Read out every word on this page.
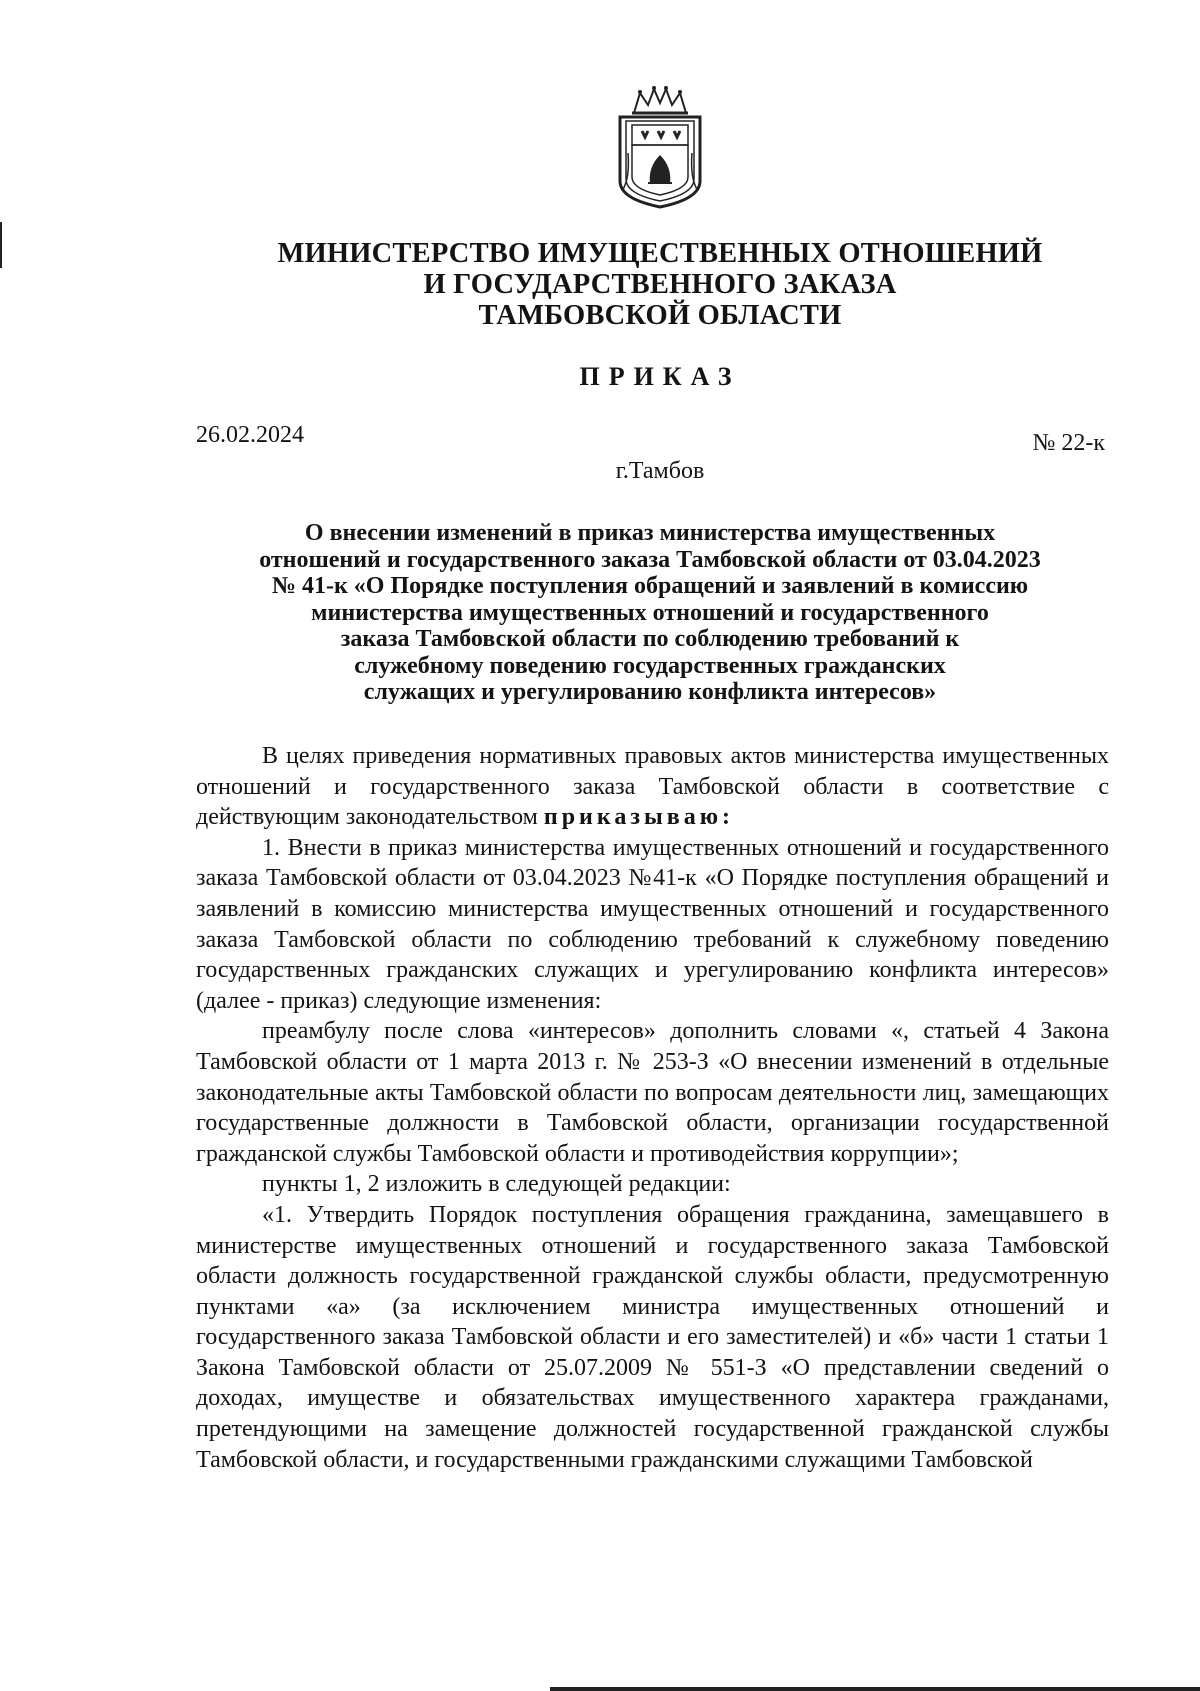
МИНИСТЕРСТВО ИМУЩЕСТВЕННЫХ ОТНОШЕНИЙ
И ГОСУДАРСТВЕННОГО ЗАКАЗА
ТАМБОВСКОЙ ОБЛАСТИ
ПРИКАЗ
26.02.2024	№ 22-к
г.Тамбов
О внесении изменений в приказ министерства имущественных
отношений и государственного заказа Тамбовской области от 03.04.2023
№ 41-к «О Порядке поступления обращений и заявлений в комиссию
министерства имущественных отношений и государственного
заказа Тамбовской области по соблюдению требований к
служебному поведению государственных гражданских
служащих и урегулированию конфликта интересов»

В целях приведения нормативных правовых актов министерства имущественных отношений и государственного заказа Тамбовской области в соответствие с действующим законодательством приказываю:

1. Внести в приказ министерства имущественных отношений и государственного заказа Тамбовской области от 03.04.2023 №41-к «О Порядке поступления обращений и заявлений в комиссию министерства имущественных отношений и государственного заказа Тамбовской области по соблюдению требований к служебному поведению государственных гражданских служащих и урегулированию конфликта интересов» (далее - приказ) следующие изменения:

преамбулу после слова «интересов» дополнить словами «, статьей 4 Закона Тамбовской области от 1 марта 2013 г. № 253-З «О внесении изменений в отдельные законодательные акты Тамбовской области по вопросам деятельности лиц, замещающих государственные должности в Тамбовской области, организации государственной гражданской службы Тамбовской области и противодействия коррупции»;

пункты 1, 2 изложить в следующей редакции:

«1. Утвердить Порядок поступления обращения гражданина, замещавшего в министерстве имущественных отношений и государственного заказа Тамбовской области должность государственной гражданской службы области, предусмотренную пунктами «а» (за исключением министра имущественных отношений и государственного заказа Тамбовской области и его заместителей) и «б» части 1 статьи 1 Закона Тамбовской области от 25.07.2009 № 551-З «О представлении сведений о доходах, имуществе и обязательствах имущественного характера гражданами, претендующими на замещение должностей государственной гражданской службы Тамбовской области, и государственными гражданскими служащими Тамбовской
